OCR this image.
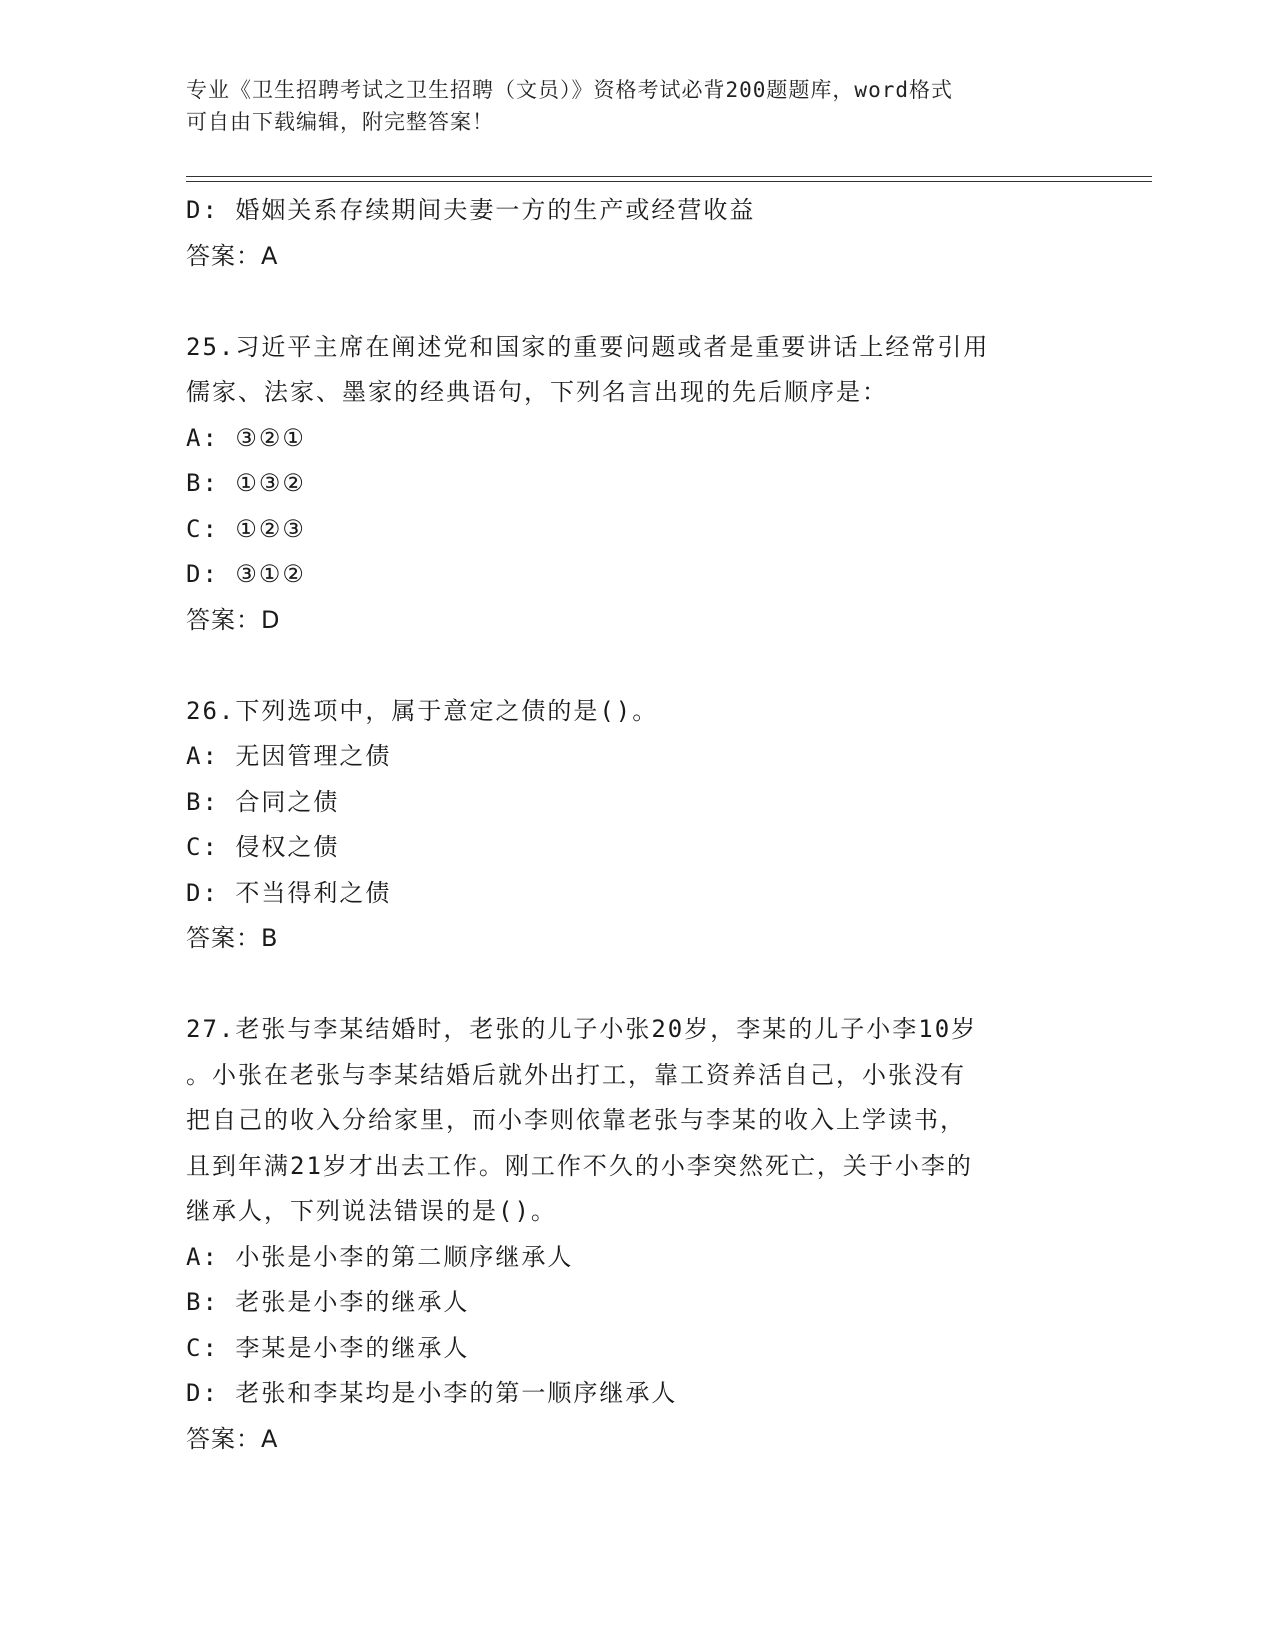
专业《卫生招聘考试之卫生招聘（文员）》资格考试必背200题题库，word格式
可自由下载编辑，附完整答案！
D: 婚姻关系存续期间夫妻一方的生产或经营收益
答案：A
25.习近平主席在阐述党和国家的重要问题或者是重要讲话上经常引用
儒家、法家、墨家的经典语句，下列名言出现的先后顺序是：
A: ③②①
B: ①③②
C: ①②③
D: ③①②
答案：D
26.下列选项中，属于意定之债的是()。
A: 无因管理之债
B: 合同之债
C: 侵权之债
D: 不当得利之债
答案：B
27.老张与李某结婚时，老张的儿子小张20岁，李某的儿子小李10岁
。小张在老张与李某结婚后就外出打工，靠工资养活自己，小张没有
把自己的收入分给家里，而小李则依靠老张与李某的收入上学读书，
且到年满21岁才出去工作。刚工作不久的小李突然死亡，关于小李的
继承人，下列说法错误的是()。
A: 小张是小李的第二顺序继承人
B: 老张是小李的继承人
C: 李某是小李的继承人
D: 老张和李某均是小李的第一顺序继承人
答案：A
